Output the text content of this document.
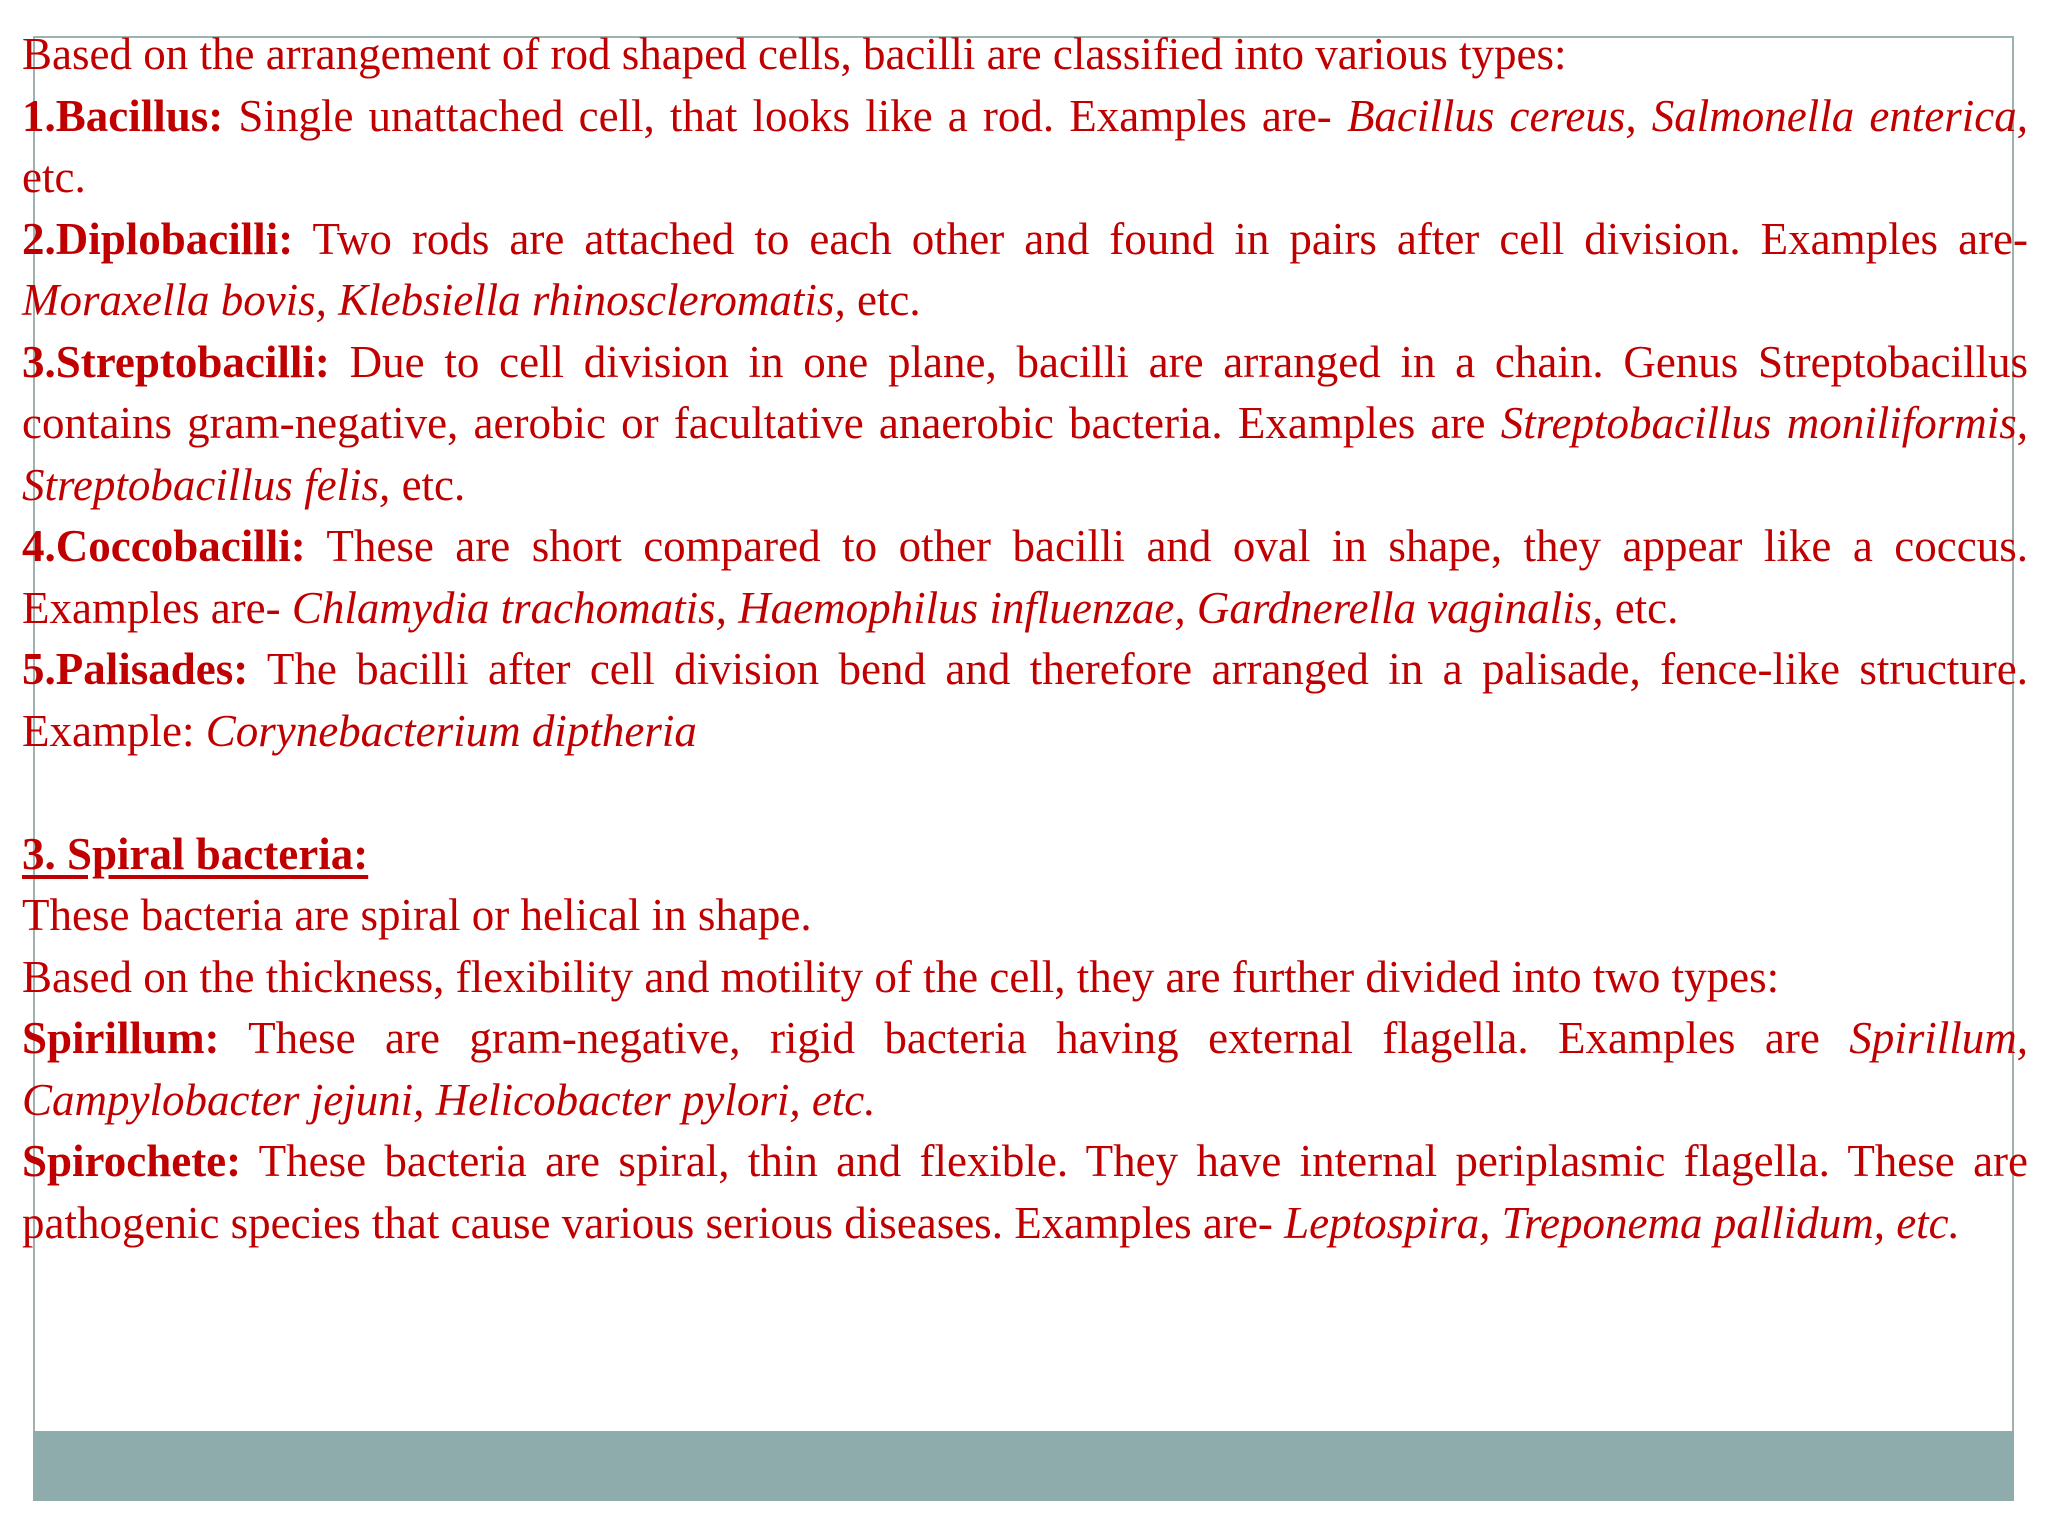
Based on the arrangement of rod shaped cells, bacilli are classified into various types:

1.Bacillus: Single unattached cell, that looks like a rod. Examples are- Bacillus cereus, Salmonella enterica, etc.

2.Diplobacilli: Two rods are attached to each other and found in pairs after cell division. Examples are- Moraxella bovis, Klebsiella rhinoscleromatis, etc.

3.Streptobacilli: Due to cell division in one plane, bacilli are arranged in a chain. Genus Streptobacillus contains gram-negative, aerobic or facultative anaerobic bacteria. Examples are Streptobacillus moniliformis, Streptobacillus felis, etc.

4.Coccobacilli: These are short compared to other bacilli and oval in shape, they appear like a coccus. Examples are- Chlamydia trachomatis, Haemophilus influenzae, Gardnerella vaginalis, etc.

5.Palisades: The bacilli after cell division bend and therefore arranged in a palisade, fence-like structure. Example: Corynebacterium diptheria

3. Spiral bacteria:

These bacteria are spiral or helical in shape.

Based on the thickness, flexibility and motility of the cell, they are further divided into two types:

Spirillum: These are gram-negative, rigid bacteria having external flagella. Examples are Spirillum, Campylobacter jejuni, Helicobacter pylori, etc.

Spirochete: These bacteria are spiral, thin and flexible. They have internal periplasmic flagella. These are pathogenic species that cause various serious diseases. Examples are- Leptospira, Treponema pallidum, etc.
